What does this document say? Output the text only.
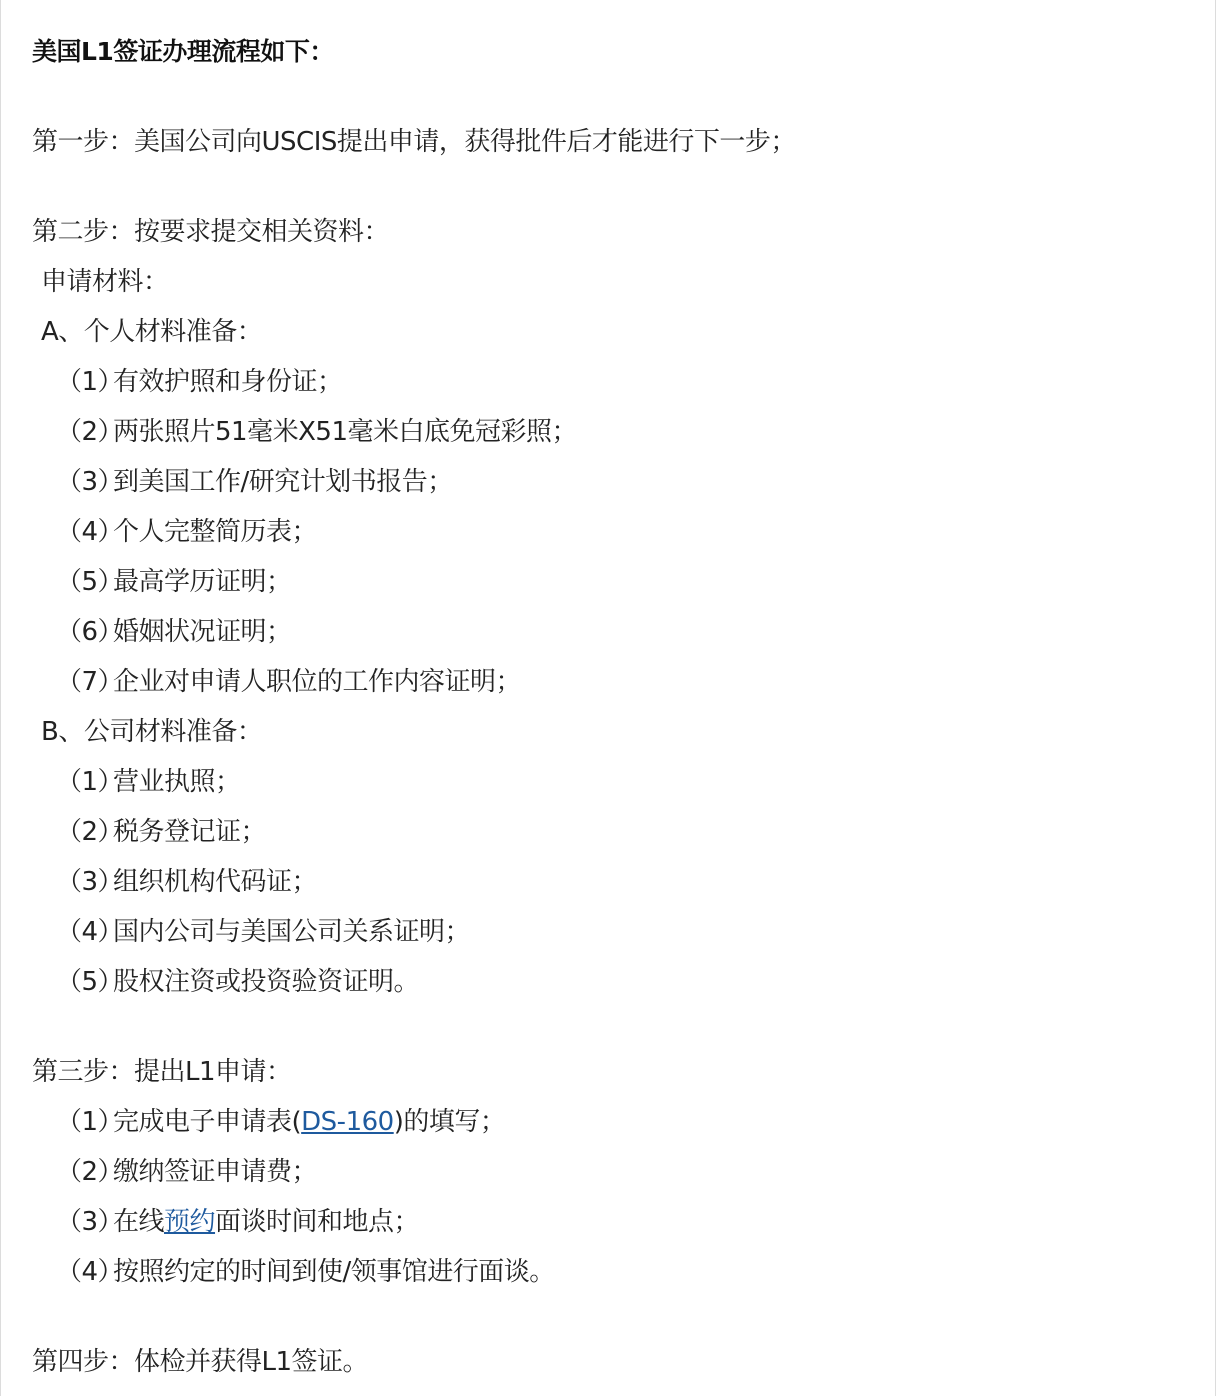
美国L1签证办理流程如下：
第一步：美国公司向USCIS提出申请，获得批件后才能进行下一步；
第二步：按要求提交相关资料：
申请材料：
A、个人材料准备：
（1）有效护照和身份证；
（2）两张照片51毫米X51毫米白底免冠彩照；
（3）到美国工作/研究计划书报告；
（4）个人完整简历表；
（5）最高学历证明；
（6）婚姻状况证明；
（7）企业对申请人职位的工作内容证明；
B、公司材料准备：
（1）营业执照；
（2）税务登记证；
（3）组织机构代码证；
（4）国内公司与美国公司关系证明；
（5）股权注资或投资验资证明。
第三步：提出L1申请：
（1）完成电子申请表(DS-160)的填写；
（2）缴纳签证申请费；
（3）在线预约面谈时间和地点；
（4）按照约定的时间到使/领事馆进行面谈。
第四步：体检并获得L1签证。
